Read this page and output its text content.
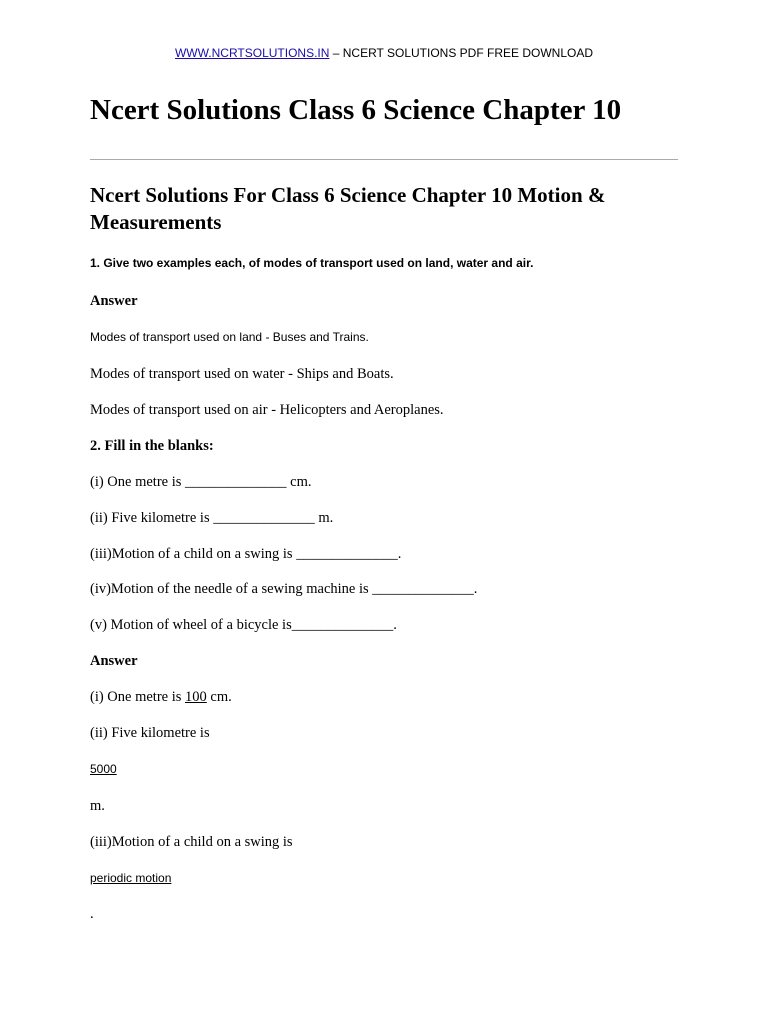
WWW.NCRTSOLUTIONS.IN – NCERT SOLUTIONS PDF FREE DOWNLOAD
Ncert Solutions Class 6 Science Chapter 10
Ncert Solutions For Class 6 Science Chapter 10 Motion & Measurements
1. Give two examples each, of modes of transport used on land, water and air.
Answer
Modes of transport used on land - Buses and Trains.
Modes of transport used on water - Ships and Boats.
Modes of transport used on air - Helicopters and Aeroplanes.
2. Fill in the blanks:
(i) One metre is ______________ cm.
(ii) Five kilometre is ______________ m.
(iii)Motion of a child on a swing is ______________.
(iv)Motion of the needle of a sewing machine is ______________.
(v) Motion of wheel of a bicycle is______________.
Answer
(i) One metre is 100 cm.
(ii) Five kilometre is
5000
m.
(iii)Motion of a child on a swing is
periodic motion
.
